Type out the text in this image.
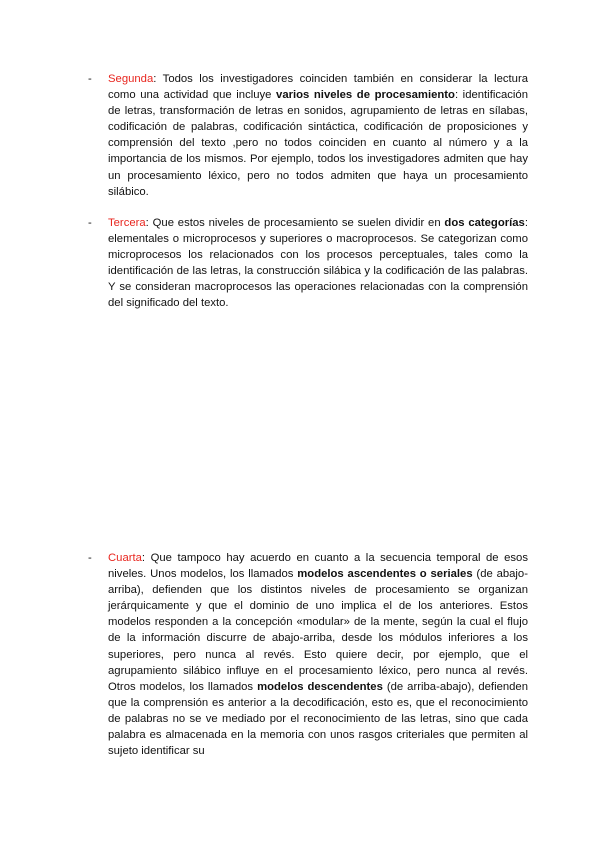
-	Segunda: Todos los investigadores coinciden también en considerar la lectura como una actividad que incluye varios niveles de procesamiento: identificación de letras, transformación de letras en sonidos, agrupamiento de letras en sílabas, codificación de palabras, codificación sintáctica, codificación de proposiciones y comprensión del texto ,pero no todos coinciden en cuanto al número y a la importancia de los mismos. Por ejemplo, todos los investigadores admiten que hay un procesamiento léxico, pero no todos admiten que haya un procesamiento silábico.
-	Tercera: Que estos niveles de procesamiento se suelen dividir en dos categorías: elementales o microprocesos y superiores o macroprocesos. Se categorizan como microprocesos los relacionados con los procesos perceptuales, tales como la identificación de las letras, la construcción silábica y la codificación de las palabras. Y se consideran macroprocesos las operaciones relacionadas con la comprensión del significado del texto.
-	Cuarta: Que tampoco hay acuerdo en cuanto a la secuencia temporal de esos niveles. Unos modelos, los llamados modelos ascendentes o seriales (de abajo-arriba), defienden que los distintos niveles de procesamiento se organizan jerárquicamente y que el dominio de uno implica el de los anteriores. Estos modelos responden a la concepción «modular» de la mente, según la cual el flujo de la información discurre de abajo-arriba, desde los módulos inferiores a los superiores, pero nunca al revés. Esto quiere decir, por ejemplo, que el agrupamiento silábico influye en el procesamiento léxico, pero nunca al revés. Otros modelos, los llamados modelos descendentes (de arriba-abajo), defienden que la comprensión es anterior a la decodificación, esto es, que el reconocimiento de palabras no se ve mediado por el reconocimiento de las letras, sino que cada palabra es almacenada en la memoria con unos rasgos criteriales que permiten al sujeto identificar su
